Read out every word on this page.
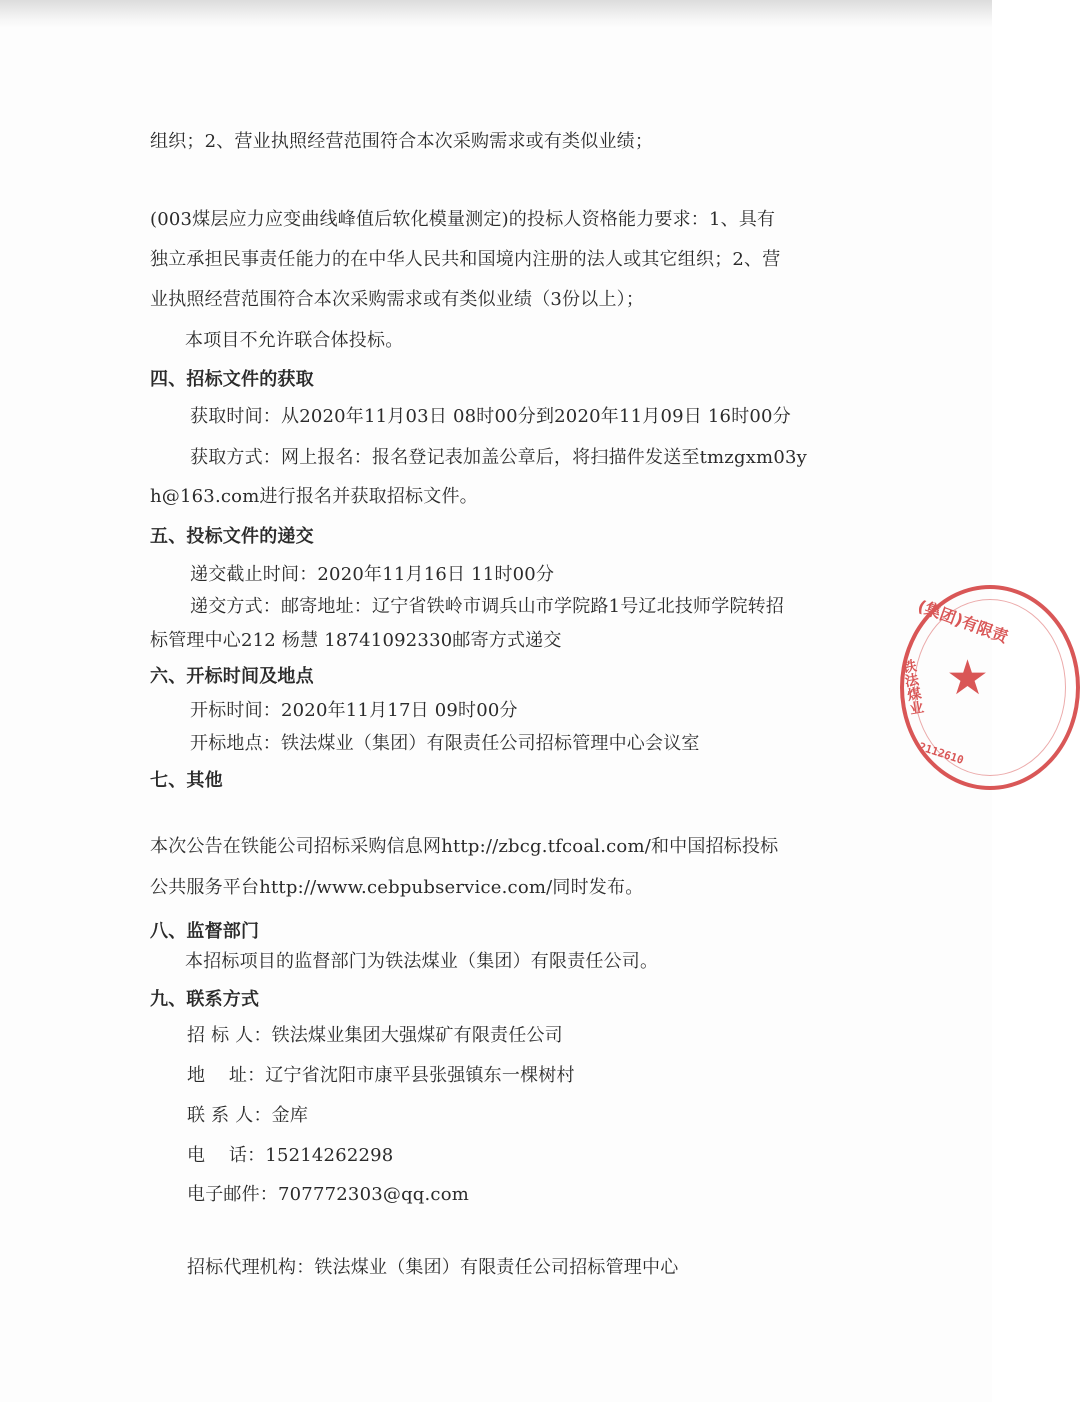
组织；2、营业执照经营范围符合本次采购需求或有类似业绩；
(003煤层应力应变曲线峰值后软化模量测定)的投标人资格能力要求：1、具有
独立承担民事责任能力的在中华人民共和国境内注册的法人或其它组织；2、营
业执照经营范围符合本次采购需求或有类似业绩（3份以上）；
本项目不允许联合体投标。
四、招标文件的获取
获取时间：从2020年11月03日 08时00分到2020年11月09日 16时00分
获取方式：网上报名：报名登记表加盖公章后，将扫描件发送至tmzgxm03y
h@163.com进行报名并获取招标文件。
五、投标文件的递交
递交截止时间：2020年11月16日 11时00分
递交方式：邮寄地址：辽宁省铁岭市调兵山市学院路1号辽北技师学院转招
标管理中心212 杨慧 18741092330邮寄方式递交
六、开标时间及地点
开标时间：2020年11月17日 09时00分
开标地点：铁法煤业（集团）有限责任公司招标管理中心会议室
七、其他
本次公告在铁能公司招标采购信息网http://zbcg.tfcoal.com/和中国招标投标
公共服务平台http://www.cebpubservice.com/同时发布。
八、监督部门
本招标项目的监督部门为铁法煤业（集团）有限责任公司。
九、联系方式
招 标 人：铁法煤业集团大强煤矿有限责任公司
地    址：辽宁省沈阳市康平县张强镇东一棵树村
联 系 人：金库
电    话：15214262298
电子邮件：707772303@qq.com
招标代理机构：铁法煤业（集团）有限责任公司招标管理中心
(集团)有限责
铁法煤业 ★
2112610
